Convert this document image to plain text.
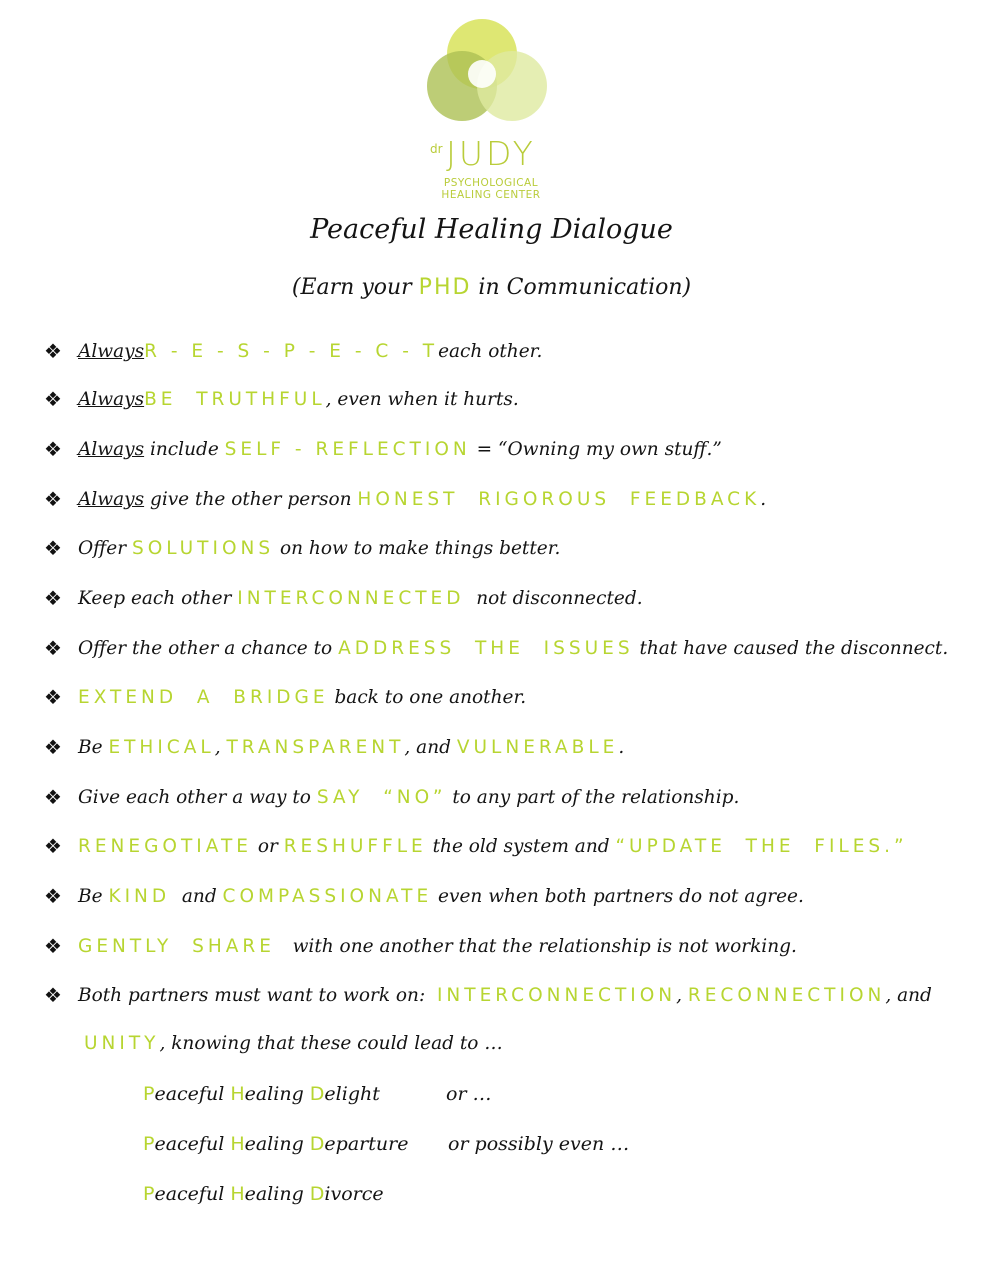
dr JUDY
PSYCHOLOGICAL
HEALING CENTER
Peaceful Healing Dialogue
(Earn your PHD in Communication)
❖ AlwaysR - E - S - P - E - C - Teach other.
❖ AlwaysBE  TRUTHFUL, even when it hurts.
❖ Always include SELF - REFLECTION = “Owning my own stuff.”
❖ Always give the other person HONEST  RIGOROUS  FEEDBACK.
❖ Offer SOLUTIONS on how to make things better.
❖ Keep each other INTERCONNECTED  not disconnected.
❖ Offer the other a chance to ADDRESS  THE  ISSUES that have caused the disconnect.
❖ EXTEND  A  BRIDGE back to one another.
❖ Be ETHICAL, TRANSPARENT, and VULNERABLE.
❖ Give each other a way to SAY  “NO” to any part of the relationship.
❖ RENEGOTIATE or RESHUFFLE the old system and “UPDATE  THE  FILES.”
❖ Be KIND  and COMPASSIONATE even when both partners do not agree.
❖ GENTLY  SHARE   with one another that the relationship is not working.
❖ Both partners must want to work on:  INTERCONNECTION, RECONNECTION, and
UNITY, knowing that these could lead to …
Peaceful Healing Delight	or …
Peaceful Healing Departure or possibly even …
Peaceful Healing Divorce
